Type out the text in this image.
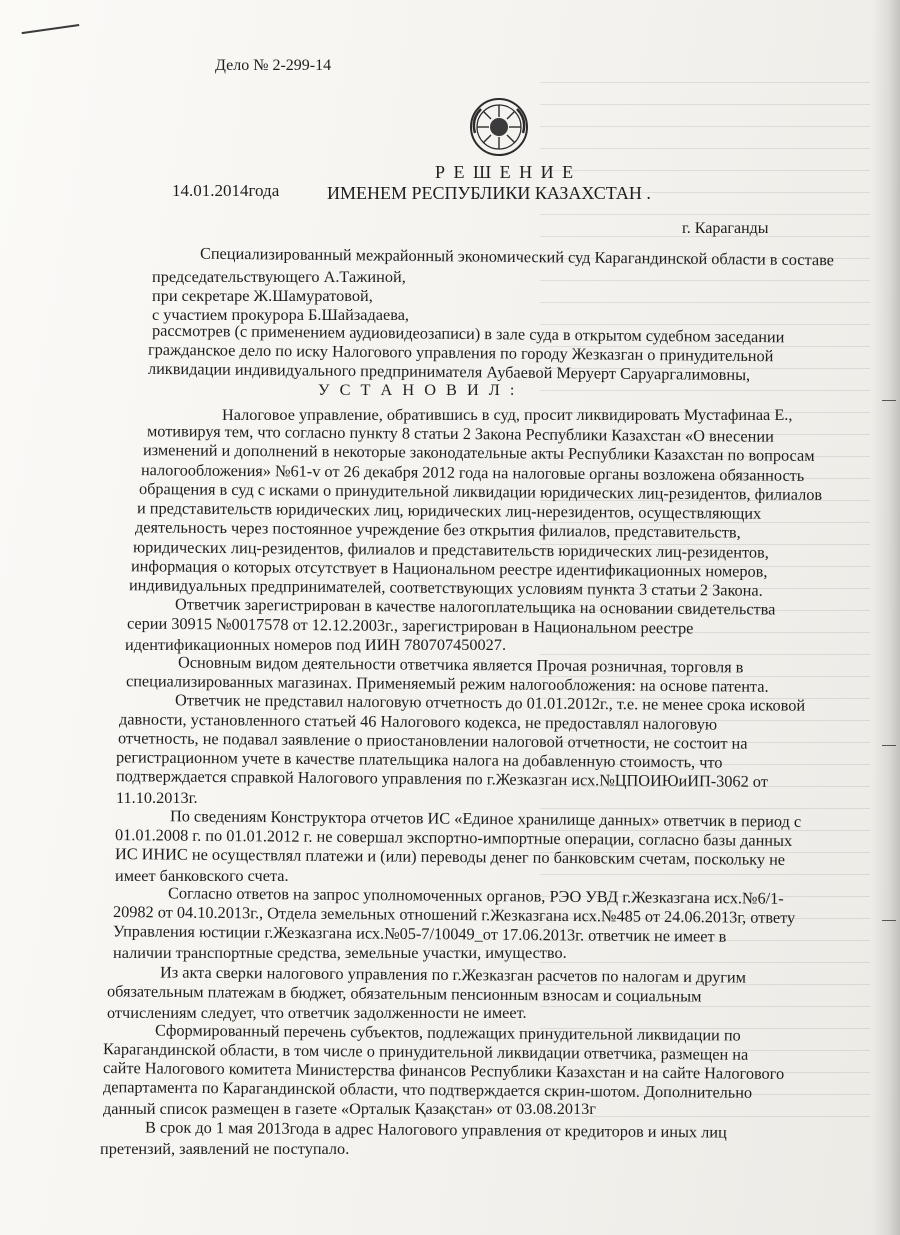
Дело № 2-299-14
Р Е Ш Е Н И Е
14.01.2014года	ИМЕНЕМ РЕСПУБЛИКИ КАЗАХСТАН .
г. Караганды
Специализированный межрайонный экономический суд Карагандинской области в составе
председательствующего А.Тажиной,
при секретаре Ж.Шамуратовой,
с участием прокурора Б.Шайзадаева,
рассмотрев (с применением аудиовидеозаписи) в зале суда в открытом судебном заседании
гражданское дело по иску Налогового управления по городу Жезказган о принудительной
ликвидации индивидуального предпринимателя Аубаевой Меруерт Саруаргалимовны,
У С Т А Н О В И Л :
Налоговое управление, обратившись в суд, просит ликвидировать Мустафинаа Е.,
мотивируя тем, что согласно пункту 8 статьи 2 Закона Республики Казахстан «О внесении
изменений и дополнений в некоторые законодательные акты Республики Казахстан по вопросам
налогообложения» №61-v от 26 декабря 2012 года на налоговые органы возложена обязанность
обращения в суд с исками о принудительной ликвидации юридических лиц-резидентов, филиалов
и представительств юридических лиц, юридических лиц-нерезидентов, осуществляющих
деятельность через постоянное учреждение без открытия филиалов, представительств,
юридических лиц-резидентов, филиалов и представительств юридических лиц-резидентов,
информация о которых отсутствует в Национальном реестре идентификационных номеров,
индивидуальных предпринимателей, соответствующих условиям пункта 3 статьи 2 Закона.
Ответчик зарегистрирован в качестве налогоплательщика на основании свидетельства
серии 30915 №0017578 от 12.12.2003г., зарегистрирован в Национальном реестре
идентификационных номеров под ИИН 780707450027.
Основным видом деятельности ответчика является Прочая розничная, торговля в
специализированных магазинах. Применяемый режим налогообложения: на основе патента.
Ответчик не представил налоговую отчетность до 01.01.2012г., т.е. не менее срока исковой
давности, установленного статьей 46 Налогового кодекса, не предоставлял налоговую
отчетность, не подавал заявление о приостановлении налоговой отчетности, не состоит на
регистрационном учете в качестве плательщика налога на добавленную стоимость, что
подтверждается справкой Налогового управления по г.Жезказган исх.№ЦПОИЮиИП-3062 от
11.10.2013г.
По сведениям Конструктора отчетов ИС «Единое хранилище данных» ответчик в период с
01.01.2008 г. по 01.01.2012 г. не совершал экспортно-импортные операции, согласно базы данных
ИС ИНИС не осуществлял платежи и (или) переводы денег по банковским счетам, поскольку не
имеет банковского счета.
Согласно ответов на запрос уполномоченных органов, РЭО УВД г.Жезказгана исх.№6/1-
20982 от 04.10.2013г., Отдела земельных отношений г.Жезказгана исх.№485 от 24.06.2013г, ответу
Управления юстиции г.Жезказгана исх.№05-7/10049_от 17.06.2013г. ответчик не имеет в
наличии транспортные средства, земельные участки, имущество.
Из акта сверки налогового управления по г.Жезказган расчетов по налогам и другим
обязательным платежам в бюджет, обязательным пенсионным взносам и социальным
отчислениям следует, что ответчик задолженности не имеет.
Сформированный перечень субъектов, подлежащих принудительной ликвидации по
Карагандинской области, в том числе о принудительной ликвидации ответчика, размещен на
сайте Налогового комитета Министерства финансов Республики Казахстан и на сайте Налогового
департамента по Карагандинской области, что подтверждается скрин-шотом. Дополнительно
данный список размещен в газете «Орталык Қазақстан» от 03.08.2013г
В срок до 1 мая 2013года в адрес Налогового управления от кредиторов и иных лиц
претензий, заявлений не поступало.
